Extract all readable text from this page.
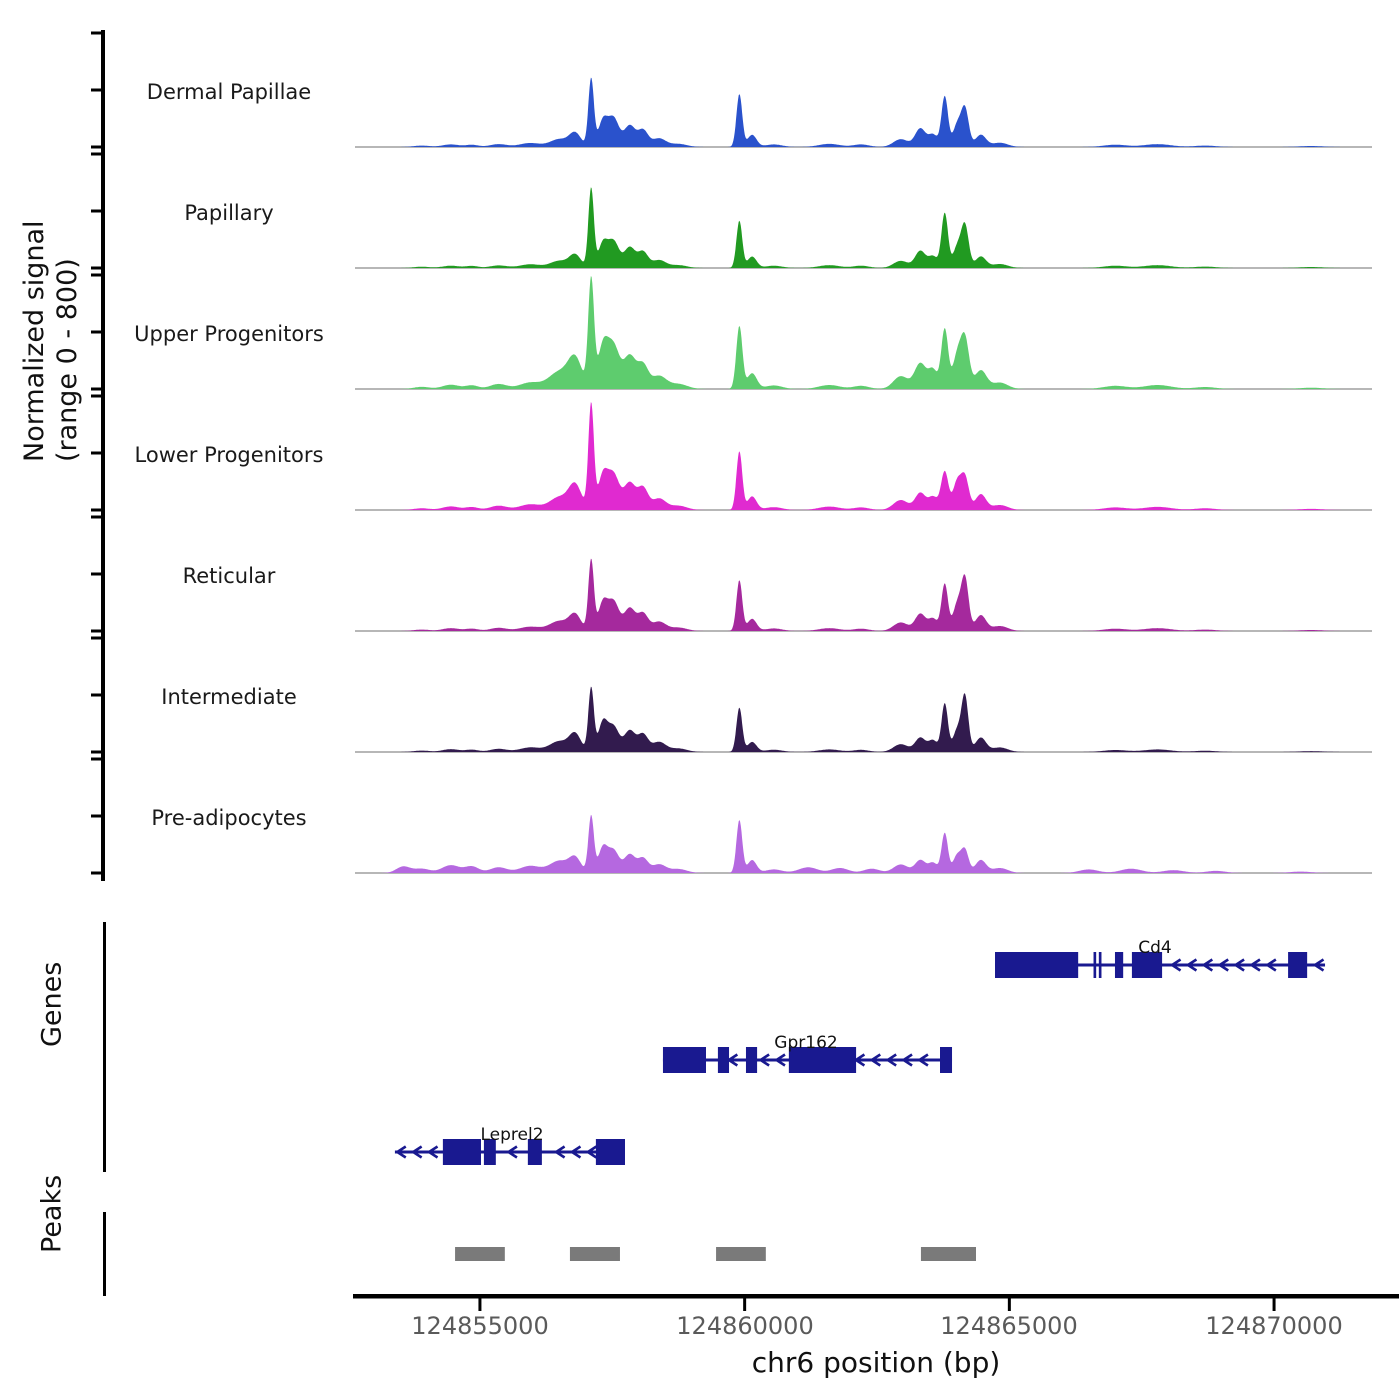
Normalized signal (range 0 - 800)
Dermal Papillae
Papillary
Upper Progenitors
Lower Progenitors
Reticular
Intermediate
Pre-adipocytes
Genes
Peaks
Cd4
Gpr162
Leprel2
124855000	124860000	124865000	124870000
chr6 position (bp)
